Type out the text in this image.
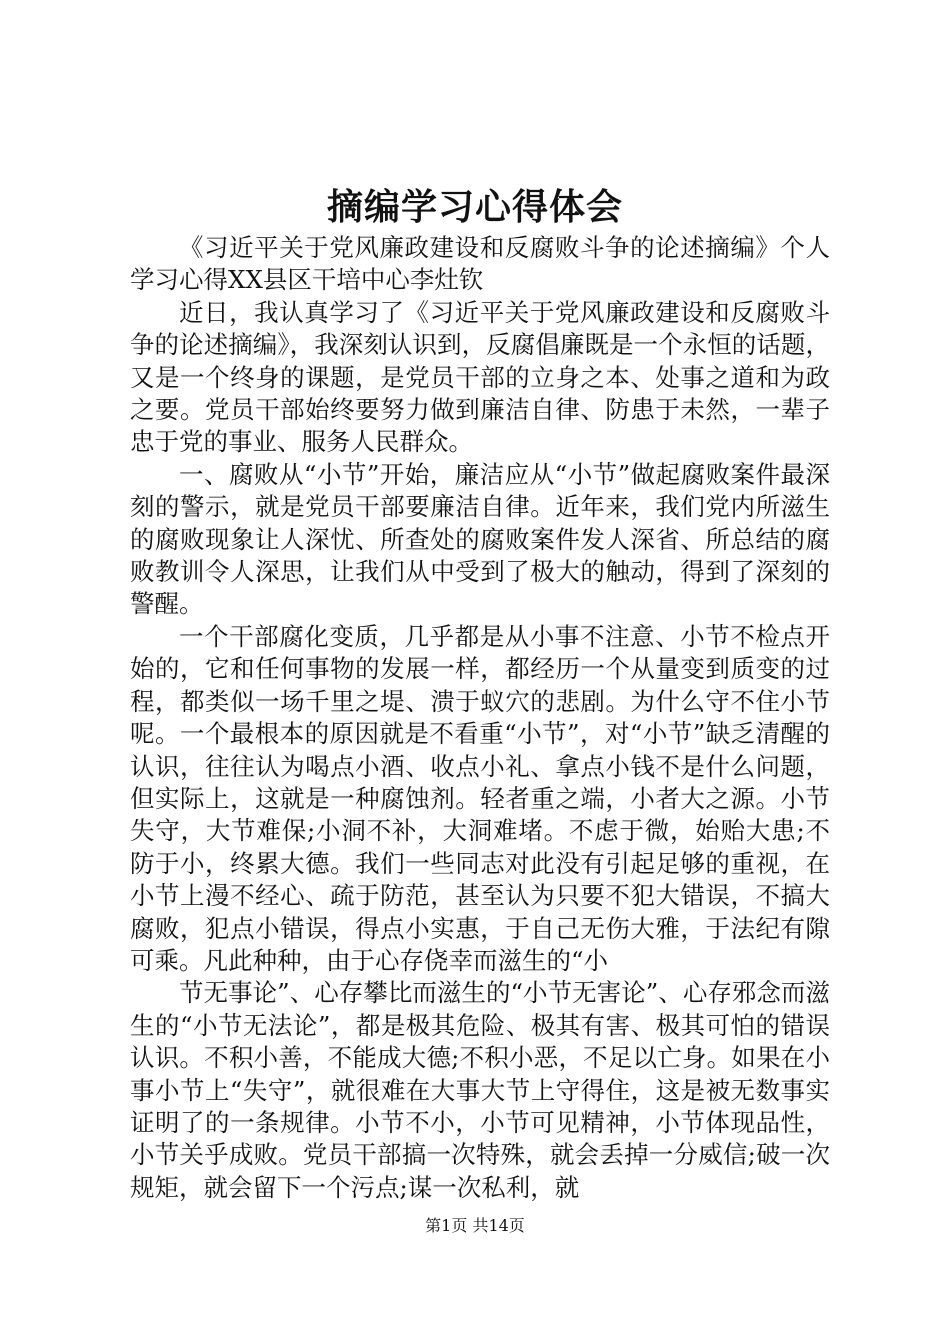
摘编学习心得体会

《习近平关于党风廉政建设和反腐败斗争的论述摘编》个人学习心得XX县区干培中心李灶钦

近日，我认真学习了《习近平关于党风廉政建设和反腐败斗争的论述摘编》，我深刻认识到，反腐倡廉既是一个永恒的话题，又是一个终身的课题，是党员干部的立身之本、处事之道和为政之要。党员干部始终要努力做到廉洁自律、防患于未然，一辈子忠于党的事业、服务人民群众。

一、腐败从“小节”开始，廉洁应从“小节”做起腐败案件最深刻的警示，就是党员干部要廉洁自律。近年来，我们党内所滋生的腐败现象让人深忧、所查处的腐败案件发人深省、所总结的腐败教训令人深思，让我们从中受到了极大的触动，得到了深刻的警醒。

一个干部腐化变质，几乎都是从小事不注意、小节不检点开始的，它和任何事物的发展一样，都经历一个从量变到质变的过程，都类似一场千里之堤、溃于蚁穴的悲剧。为什么守不住小节呢。一个最根本的原因就是不看重“小节”，对“小节”缺乏清醒的认识，往往认为喝点小酒、收点小礼、拿点小钱不是什么问题，但实际上，这就是一种腐蚀剂。轻者重之端，小者大之源。小节失守，大节难保;小洞不补，大洞难堵。不虑于微，始贻大患;不防于小，终累大德。我们一些同志对此没有引起足够的重视，在小节上漫不经心、疏于防范，甚至认为只要不犯大错误，不搞大腐败，犯点小错误，得点小实惠，于自己无伤大雅，于法纪有隙可乘。凡此种种，由于心存侥幸而滋生的“小

节无事论”、心存攀比而滋生的“小节无害论”、心存邪念而滋生的“小节无法论”，都是极其危险、极其有害、极其可怕的错误认识。不积小善，不能成大德;不积小恶，不足以亡身。如果在小事小节上“失守”，就很难在大事大节上守得住，这是被无数事实证明了的一条规律。小节不小，小节可见精神，小节体现品性，小节关乎成败。党员干部搞一次特殊，就会丢掉一分威信;破一次规矩，就会留下一个污点;谋一次私利，就

第1页 共14页
